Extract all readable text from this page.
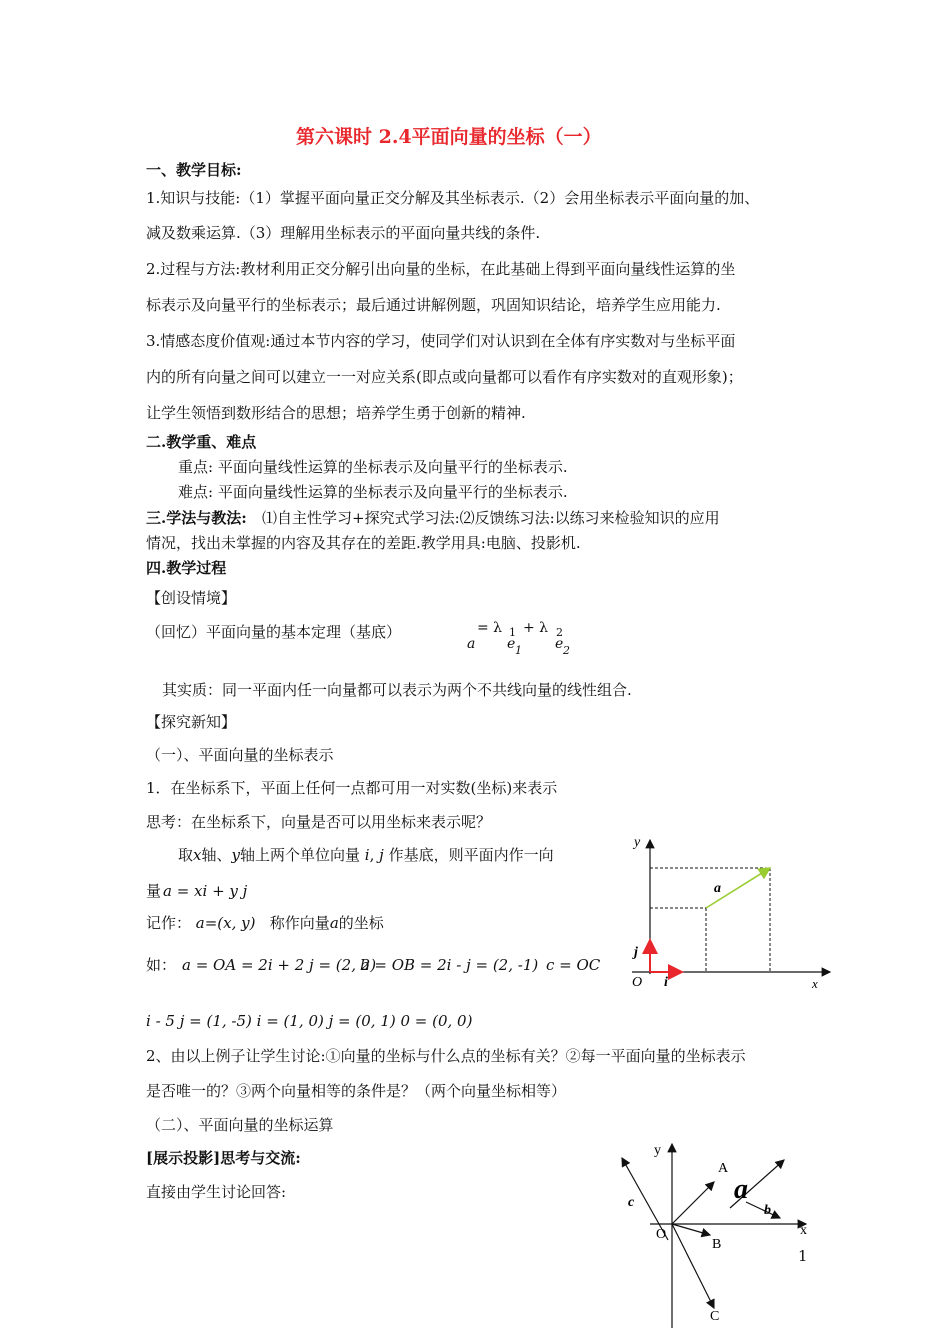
第六课时 2.4平面向量的坐标（一）
一、教学目标:
1.知识与技能:（1）掌握平面向量正交分解及其坐标表示.（2）会用坐标表示平面向量的加、
减及数乘运算.（3）理解用坐标表示的平面向量共线的条件.
2.过程与方法:教材利用正交分解引出向量的坐标，在此基础上得到平面向量线性运算的坐
标表示及向量平行的坐标表示；最后通过讲解例题，巩固知识结论，培养学生应用能力.
3.情感态度价值观:通过本节内容的学习，使同学们对认识到在全体有序实数对与坐标平面
内的所有向量之间可以建立一一对应关系(即点或向量都可以看作有序实数对的直观形象)；
让学生领悟到数形结合的思想；培养学生勇于创新的精神.
二.教学重、难点
重点: 平面向量线性运算的坐标表示及向量平行的坐标表示.
难点: 平面向量线性运算的坐标表示及向量平行的坐标表示.
三.学法与教法: ⑴自主性学习+探究式学习法:⑵反馈练习法:以练习来检验知识的应用
情况，找出未掌握的内容及其存在的差距.教学用具:电脑、投影机.
四.教学过程
【创设情境】
（回忆）平面向量的基本定理（基底）
a
= λ 1 + λ 2
e 1 e 2
其实质：同一平面内任一向量都可以表示为两个不共线向量的线性组合.
【探究新知】
（一）、平面向量的坐标表示
1．在坐标系下，平面上任何一点都可用一对实数(坐标)来表示
思考：在坐标系下，向量是否可以用坐标来表示呢？
取x轴、y轴上两个单位向量 i, j 作基底，则平面内作一向
量 a = xi + y j
记作： a=(x, y) 称作向量a的坐标
如： a = OA = 2i + 2 j = (2, 2)
b = OB = 2i - j = (2, -1) c = OC
i - 5 j = (1, -5) i = (1, 0) j = (0, 1) 0 = (0, 0)
2、由以上例子让学生讨论:①向量的坐标与什么点的坐标有关？②每一平面向量的坐标表示
是否唯一的？③两个向量相等的条件是？（两个向量坐标相等）
（二）、平面向量的坐标运算
[展示投影]思考与交流:
直接由学生讨论回答:
y
x
O
a
j
i
y
x
O
A
B
C
a
b
c
1
